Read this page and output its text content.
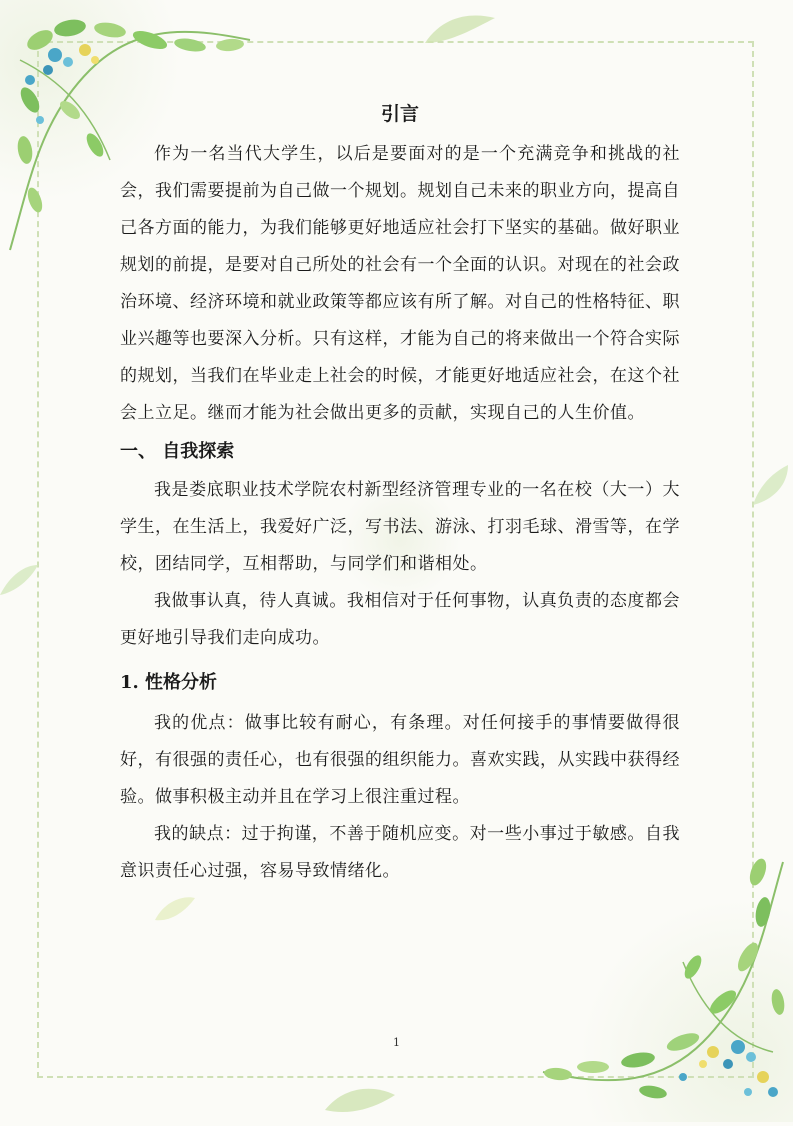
引言

作为一名当代大学生，以后是要面对的是一个充满竞争和挑战的社会，我们需要提前为自己做一个规划。规划自己未来的职业方向，提高自己各方面的能力，为我们能够更好地适应社会打下坚实的基础。做好职业规划的前提，是要对自己所处的社会有一个全面的认识。对现在的社会政治环境、经济环境和就业政策等都应该有所了解。对自己的性格特征、职业兴趣等也要深入分析。只有这样，才能为自己的将来做出一个符合实际的规划，当我们在毕业走上社会的时候，才能更好地适应社会，在这个社会上立足。继而才能为社会做出更多的贡献，实现自己的人生价值。

一、 自我探索

我是娄底职业技术学院农村新型经济管理专业的一名在校（大一）大学生，在生活上，我爱好广泛，写书法、游泳、打羽毛球、滑雪等，在学校，团结同学，互相帮助，与同学们和谐相处。

我做事认真，待人真诚。我相信对于任何事物，认真负责的态度都会更好地引导我们走向成功。

1. 性格分析

我的优点：做事比较有耐心，有条理。对任何接手的事情要做得很好，有很强的责任心，也有很强的组织能力。喜欢实践，从实践中获得经验。做事积极主动并且在学习上很注重过程。

我的缺点：过于拘谨，不善于随机应变。对一些小事过于敏感。自我意识责任心过强，容易导致情绪化。

1
